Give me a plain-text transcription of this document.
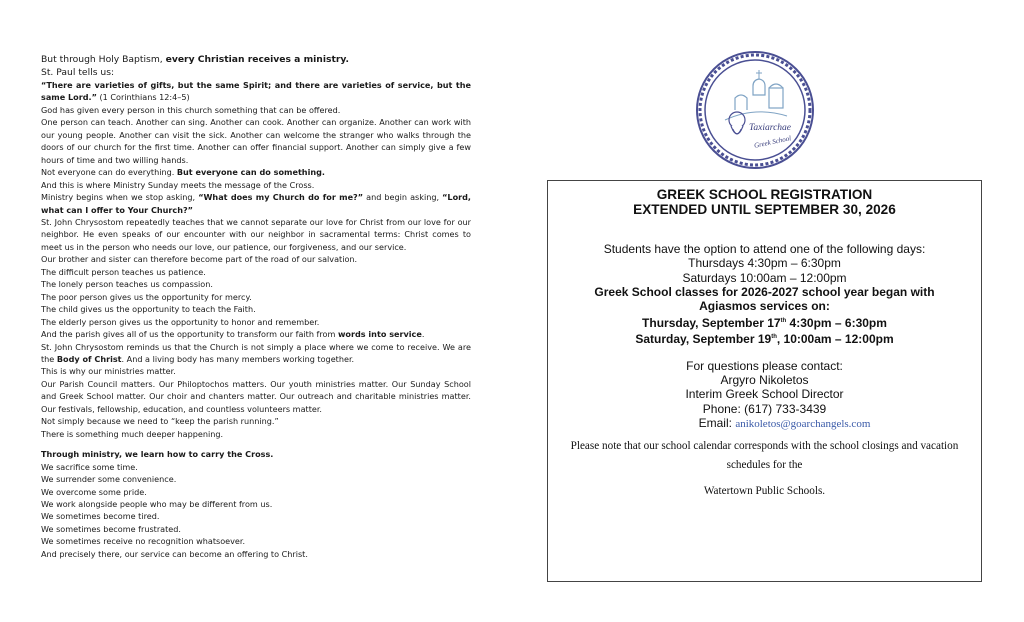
But through Holy Baptism, every Christian receives a ministry.

St. Paul tells us:

“There are varieties of gifts, but the same Spirit; and there are varieties of service, but the same Lord.” (1 Corinthians 12:4–5)

God has given every person in this church something that can be offered.

One person can teach. Another can sing. Another can cook. Another can organize. Another can work with our young people. Another can visit the sick. Another can welcome the stranger who walks through the doors of our church for the first time. Another can offer financial support. Another can simply give a few hours of time and two willing hands.

Not everyone can do everything. But everyone can do something.

And this is where Ministry Sunday meets the message of the Cross.

Ministry begins when we stop asking, “What does my Church do for me?” and begin asking, “Lord, what can I offer to Your Church?”

St. John Chrysostom repeatedly teaches that we cannot separate our love for Christ from our love for our neighbor. He even speaks of our encounter with our neighbor in sacramental terms: Christ comes to meet us in the person who needs our love, our patience, our forgiveness, and our service.

Our brother and sister can therefore become part of the road of our salvation.

The difficult person teaches us patience.

The lonely person teaches us compassion.

The poor person gives us the opportunity for mercy.

The child gives us the opportunity to teach the Faith.

The elderly person gives us the opportunity to honor and remember.

And the parish gives all of us the opportunity to transform our faith from words into service.

St. John Chrysostom reminds us that the Church is not simply a place where we come to receive. We are the Body of Christ. And a living body has many members working together.

This is why our ministries matter.

Our Parish Council matters. Our Philoptochos matters. Our youth ministries matter. Our Sunday School and Greek School matter. Our choir and chanters matter. Our outreach and charitable ministries matter. Our festivals, fellowship, education, and countless volunteers matter.

Not simply because we need to “keep the parish running.”

There is something much deeper happening.

Through ministry, we learn how to carry the Cross.

We sacrifice some time.

We surrender some convenience.

We overcome some pride.

We work alongside people who may be different from us.

We sometimes become tired.

We sometimes become frustrated.

We sometimes receive no recognition whatsoever.

And precisely there, our service can become an offering to Christ.

Taxiarchae
Greek School
GREEK SCHOOL REGISTRATION
EXTENDED UNTIL SEPTEMBER 30, 2026
Students have the option to attend one of the following days:
Thursdays 4:30pm – 6:30pm
Saturdays 10:00am – 12:00pm
Greek School classes for 2026-2027 school year began with
Agiasmos services on:
Thursday, September 17th 4:30pm – 6:30pm
Saturday, September 19th, 10:00am – 12:00pm
For questions please contact:
Argyro Nikoletos
Interim Greek School Director
Phone: (617) 733-3439
Email: anikoletos@goarchangels.com
Please note that our school calendar corresponds with the school closings and vacation
schedules for the
Watertown Public Schools.
